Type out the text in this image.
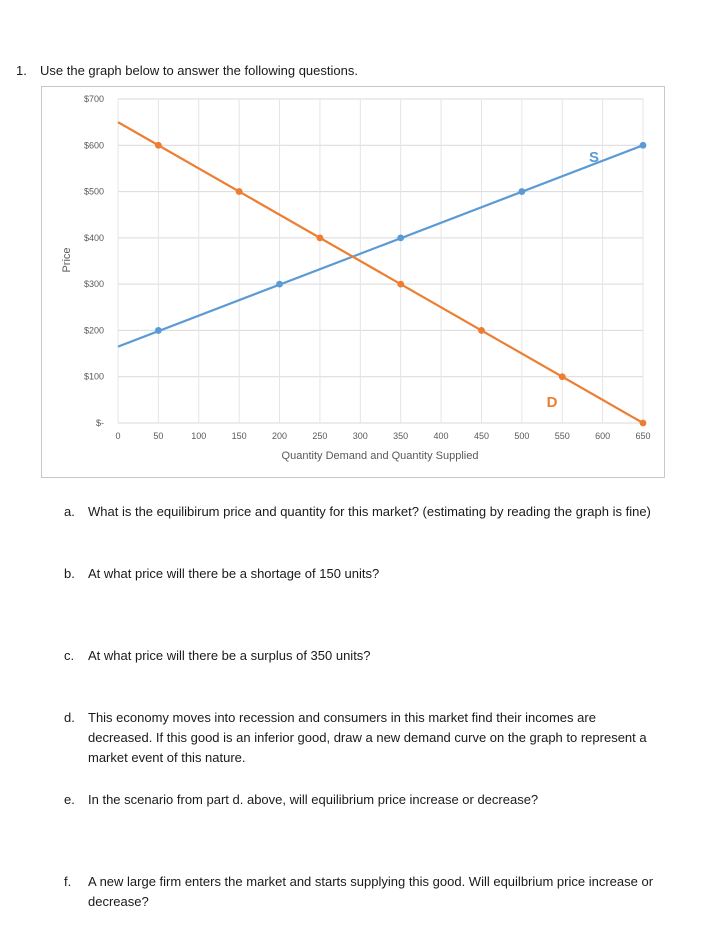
1. Use the graph below to answer the following questions.
$-
$100
$200
$300
$400
$500
$600
$700
0	50	100	150	200	250	300	350	400	450	500	550	600	650
Price
Quantity Demand and Quantity Supplied
S
D
a. What is the equilibirum price and quantity for this market? (estimating by reading the graph is fine)
b. At what price will there be a shortage of 150 units?
c. At what price will there be a surplus of 350 units?
d. This economy moves into recession and consumers in this market find their incomes are decreased. If this good is an inferior good, draw a new demand curve on the graph to represent a market event of this nature.
e. In the scenario from part d. above, will equilibrium price increase or decrease?
f. A new large firm enters the market and starts supplying this good. Will equilbrium price increase or decrease?
